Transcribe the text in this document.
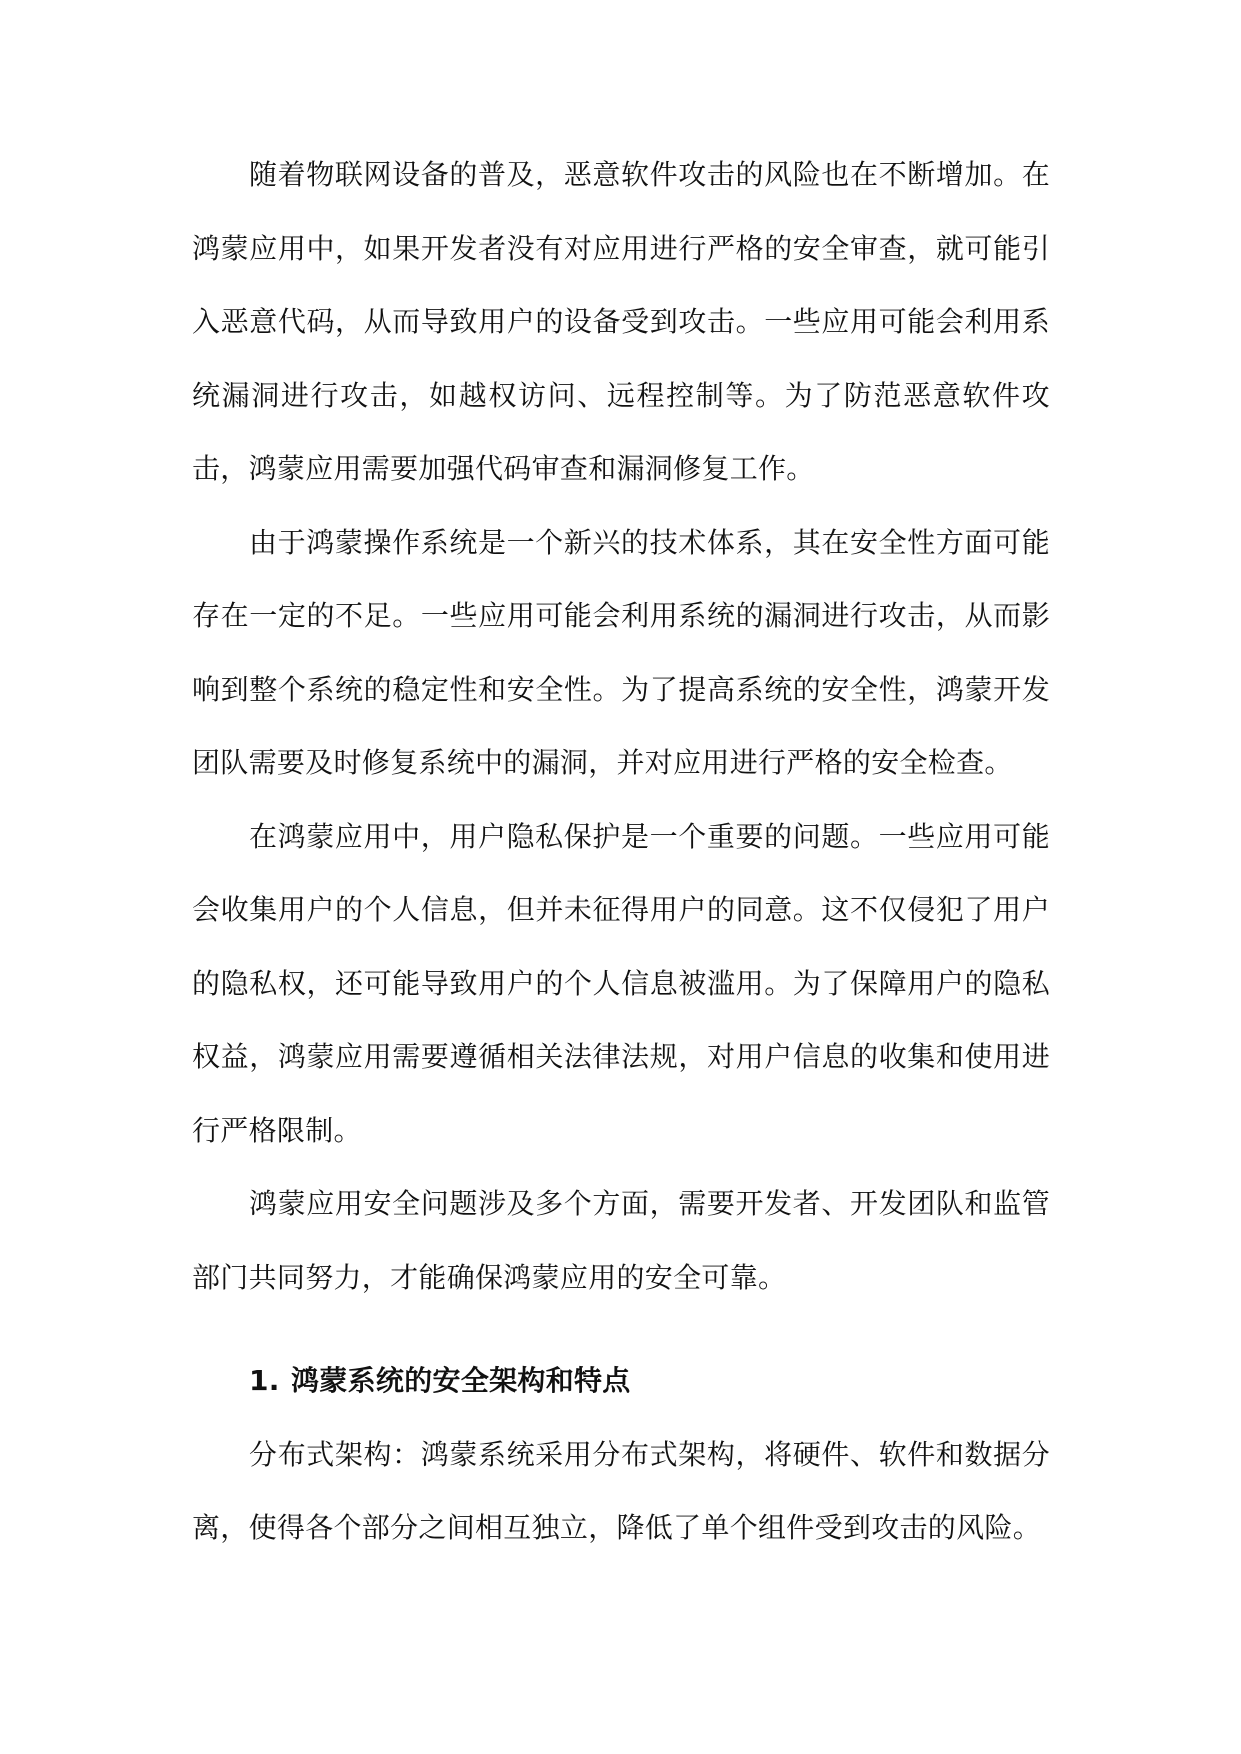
随着物联网设备的普及，恶意软件攻击的风险也在不断增加。在鸿蒙应用中，如果开发者没有对应用进行严格的安全审查，就可能引入恶意代码，从而导致用户的设备受到攻击。一些应用可能会利用系统漏洞进行攻击，如越权访问、远程控制等。为了防范恶意软件攻击，鸿蒙应用需要加强代码审查和漏洞修复工作。

由于鸿蒙操作系统是一个新兴的技术体系，其在安全性方面可能存在一定的不足。一些应用可能会利用系统的漏洞进行攻击，从而影响到整个系统的稳定性和安全性。为了提高系统的安全性，鸿蒙开发团队需要及时修复系统中的漏洞，并对应用进行严格的安全检查。

在鸿蒙应用中，用户隐私保护是一个重要的问题。一些应用可能会收集用户的个人信息，但并未征得用户的同意。这不仅侵犯了用户的隐私权，还可能导致用户的个人信息被滥用。为了保障用户的隐私权益，鸿蒙应用需要遵循相关法律法规，对用户信息的收集和使用进行严格限制。

鸿蒙应用安全问题涉及多个方面，需要开发者、开发团队和监管部门共同努力，才能确保鸿蒙应用的安全可靠。

1. 鸿蒙系统的安全架构和特点

分布式架构：鸿蒙系统采用分布式架构，将硬件、软件和数据分离，使得各个部分之间相互独立，降低了单个组件受到攻击的风险。
